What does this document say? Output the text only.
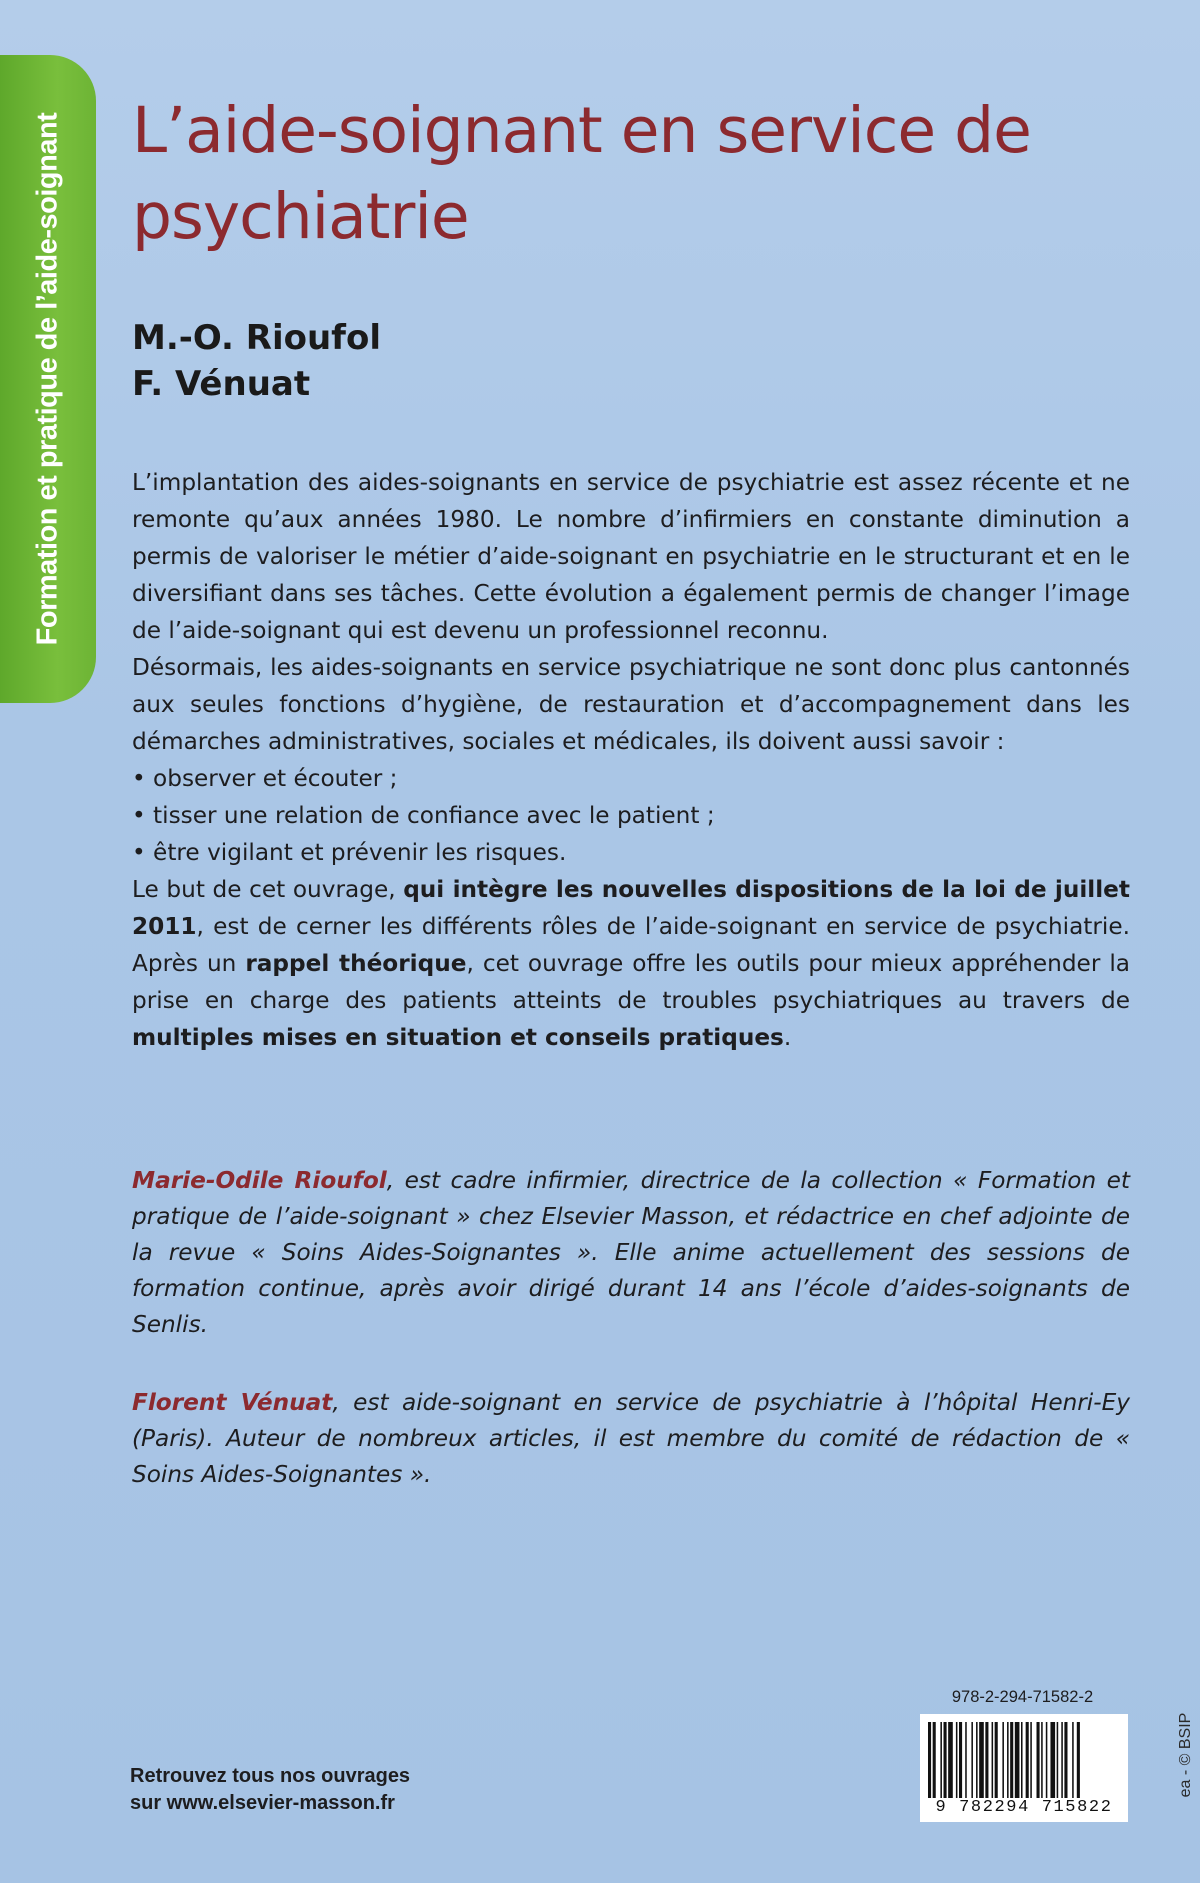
Formation et pratique de l’aide-soignant L’aide-soignant en service de psychiatrie
M.-O. Rioufol
F. Vénuat

L’implantation des aides-soignants en service de psychiatrie est assez récente et ne remonte qu’aux années 1980. Le nombre d’infirmiers en constante diminution a permis de valoriser le métier d’aide-soignant en psychiatrie en le structurant et en le diversifiant dans ses tâches. Cette évolution a également permis de changer l’image de l’aide-soignant qui est devenu un professionnel reconnu.

Désormais, les aides-soignants en service psychiatrique ne sont donc plus cantonnés aux seules fonctions d’hygiène, de restauration et d’accompagnement dans les démarches administratives, sociales et médicales, ils doivent aussi savoir :

• observer et écouter ;
• tisser une relation de confiance avec le patient ;
• être vigilant et prévenir les risques.

Le but de cet ouvrage, qui intègre les nouvelles dispositions de la loi de juillet 2011, est de cerner les différents rôles de l’aide-soignant en service de psychiatrie. Après un rappel théorique, cet ouvrage offre les outils pour mieux appréhender la prise en charge des patients atteints de troubles psychiatriques au travers de multiples mises en situation et conseils pratiques.

Marie-Odile Rioufol, est cadre infirmier, directrice de la collection « Formation et pratique de l’aide-soignant » chez Elsevier Masson, et rédactrice en chef adjointe de la revue « Soins Aides-Soignantes ». Elle anime actuellement des sessions de formation continue, après avoir dirigé durant 14 ans l’école d’aides-soignants de Senlis.
Florent Vénuat, est aide-soignant en service de psychiatrie à l’hôpital Henri-Ey (Paris). Auteur de nombreux articles, il est membre du comité de rédaction de « Soins Aides-Soignantes ».
Retrouvez tous nos ouvrages
sur www.elsevier-masson.fr
978-2-294-71582-2
9 782294 715822
ea - © BSIP
